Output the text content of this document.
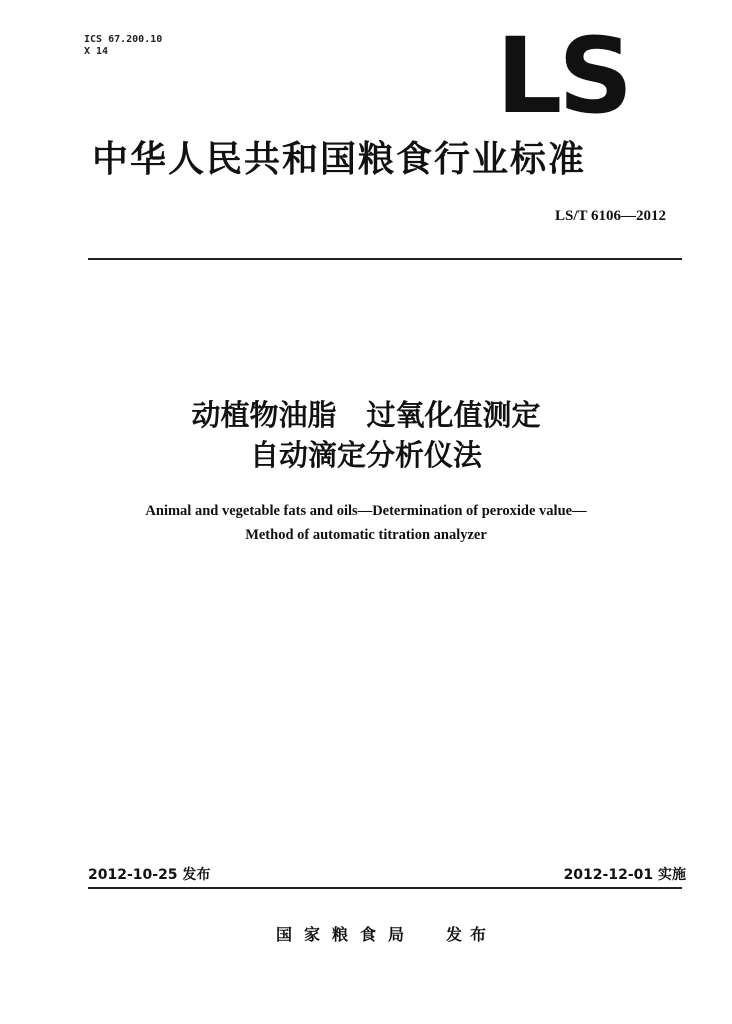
ICS 67.200.10
X 14	LS
中华人民共和国粮食行业标准
LS/T 6106—2012
动植物油脂 过氧化值测定
自动滴定分析仪法
Animal and vegetable fats and oils—Determination of peroxide value—
Method of automatic titration analyzer
2012-10-25 发布	2012-12-01 实施
国家粮食局 发布
